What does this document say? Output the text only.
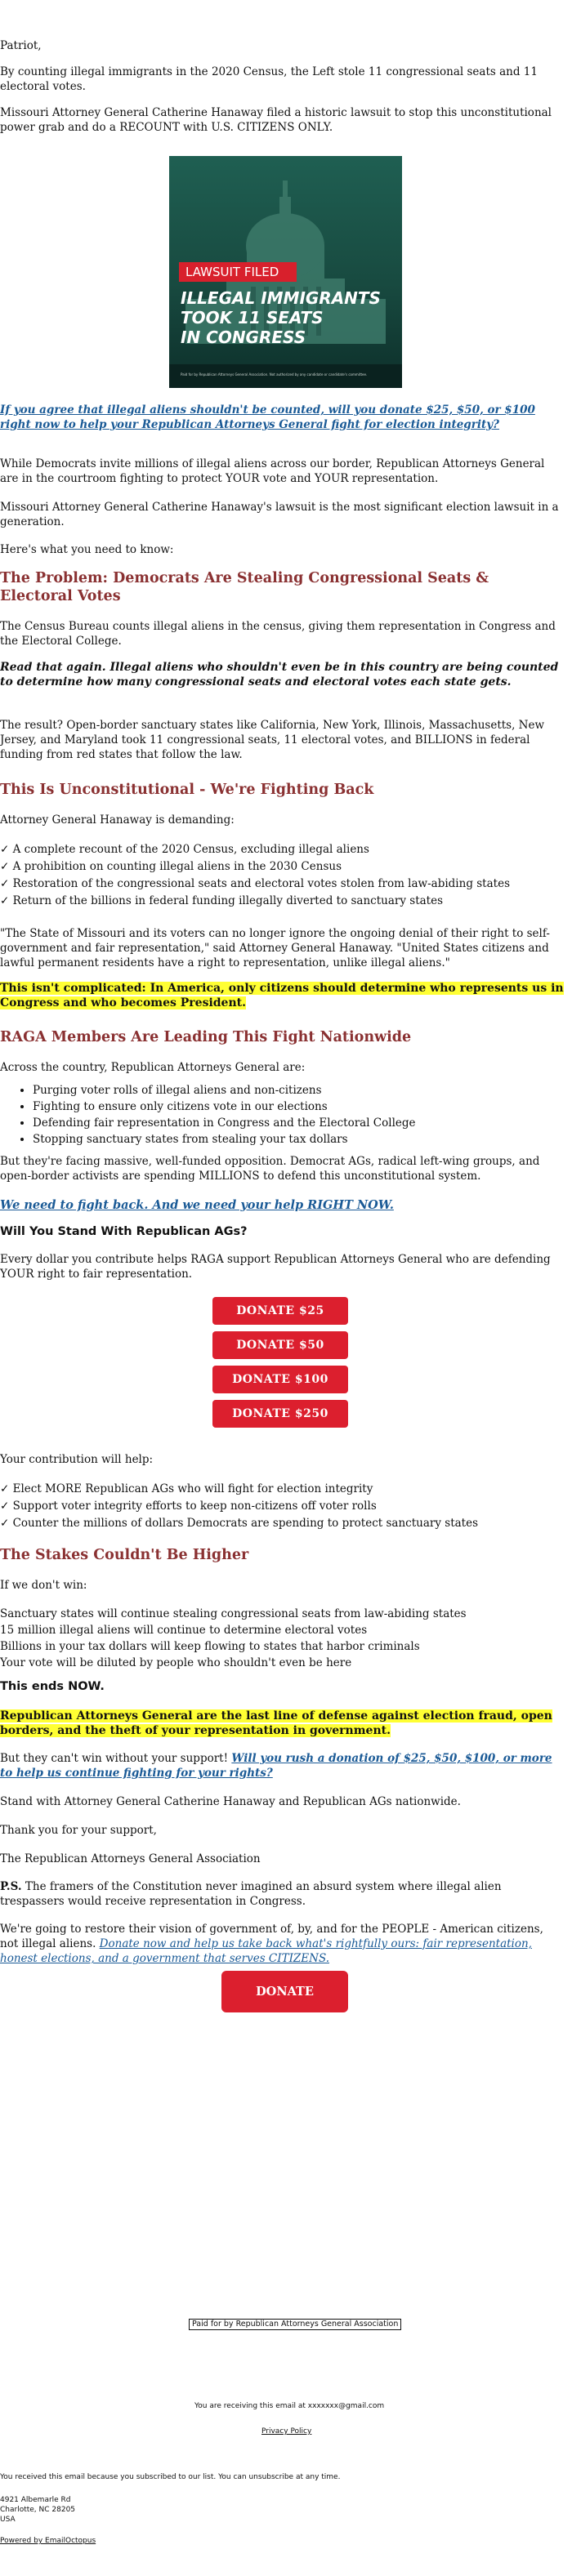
Patriot,

By counting illegal immigrants in the 2020 Census, the Left stole 11 congressional seats and 11 electoral votes.

Missouri Attorney General Catherine Hanaway filed a historic lawsuit to stop this unconstitutional power grab and do a RECOUNT with U.S. CITIZENS ONLY.

LAWSUIT FILED
ILLEGAL IMMIGRANTS
TOOK 11 SEATS
IN CONGRESS
Paid for by Republican Attorneys General Association. Not authorized by any candidate or candidate's committee.

If you agree that illegal aliens shouldn't be counted, will you donate $25, $50, or $100 right now to help your Republican Attorneys General fight for election integrity?

While Democrats invite millions of illegal aliens across our border, Republican Attorneys General are in the courtroom fighting to protect YOUR vote and YOUR representation.

Missouri Attorney General Catherine Hanaway's lawsuit is the most significant election lawsuit in a generation.

Here's what you need to know:

The Problem: Democrats Are Stealing Congressional Seats & Electoral Votes

The Census Bureau counts illegal aliens in the census, giving them representation in Congress and the Electoral College.

Read that again. Illegal aliens who shouldn't even be in this country are being counted to determine how many congressional seats and electoral votes each state gets.

The result? Open-border sanctuary states like California, New York, Illinois, Massachusetts, New Jersey, and Maryland took 11 congressional seats, 11 electoral votes, and BILLIONS in federal funding from red states that follow the law.

This Is Unconstitutional - We're Fighting Back

Attorney General Hanaway is demanding:

✓ A complete recount of the 2020 Census, excluding illegal aliens
✓ A prohibition on counting illegal aliens in the 2030 Census
✓ Restoration of the congressional seats and electoral votes stolen from law-abiding states
✓ Return of the billions in federal funding illegally diverted to sanctuary states

"The State of Missouri and its voters can no longer ignore the ongoing denial of their right to self-government and fair representation," said Attorney General Hanaway. "United States citizens and lawful permanent residents have a right to representation, unlike illegal aliens."

This isn't complicated: In America, only citizens should determine who represents us in Congress and who becomes President.

RAGA Members Are Leading This Fight Nationwide

Across the country, Republican Attorneys General are:

• Purging voter rolls of illegal aliens and non-citizens
• Fighting to ensure only citizens vote in our elections
• Defending fair representation in Congress and the Electoral College
• Stopping sanctuary states from stealing your tax dollars

But they're facing massive, well-funded opposition. Democrat AGs, radical left-wing groups, and open-border activists are spending MILLIONS to defend this unconstitutional system.

We need to fight back. And we need your help RIGHT NOW.

Will You Stand With Republican AGs?

Every dollar you contribute helps RAGA support Republican Attorneys General who are defending YOUR right to fair representation.

DONATE $25
DONATE $50
DONATE $100
DONATE $250

Your contribution will help:

✓ Elect MORE Republican AGs who will fight for election integrity
✓ Support voter integrity efforts to keep non-citizens off voter rolls
✓ Counter the millions of dollars Democrats are spending to protect sanctuary states
The Stakes Couldn't Be Higher

If we don't win:

Sanctuary states will continue stealing congressional seats from law-abiding states
15 million illegal aliens will continue to determine electoral votes
Billions in your tax dollars will keep flowing to states that harbor criminals
Your vote will be diluted by people who shouldn't even be here

This ends NOW.

Republican Attorneys General are the last line of defense against election fraud, open borders, and the theft of your representation in government.

But they can't win without your support! Will you rush a donation of $25, $50, $100, or more to help us continue fighting for your rights?

Stand with Attorney General Catherine Hanaway and Republican AGs nationwide.

Thank you for your support,

The Republican Attorneys General Association

P.S. The framers of the Constitution never imagined an absurd system where illegal alien trespassers would receive representation in Congress.

We're going to restore their vision of government of, by, and for the PEOPLE - American citizens, not illegal aliens. Donate now and help us take back what's rightfully ours: fair representation, honest elections, and a government that serves CITIZENS.

DONATE
Paid for by Republican Attorneys General Association
You are receiving this email at xxxxxxx@gmail.com
Privacy Policy
You received this email because you subscribed to our list. You can unsubscribe at any time.
4921 Albemarle Rd
Charlotte, NC 28205
USA
Powered by EmailOctopus
